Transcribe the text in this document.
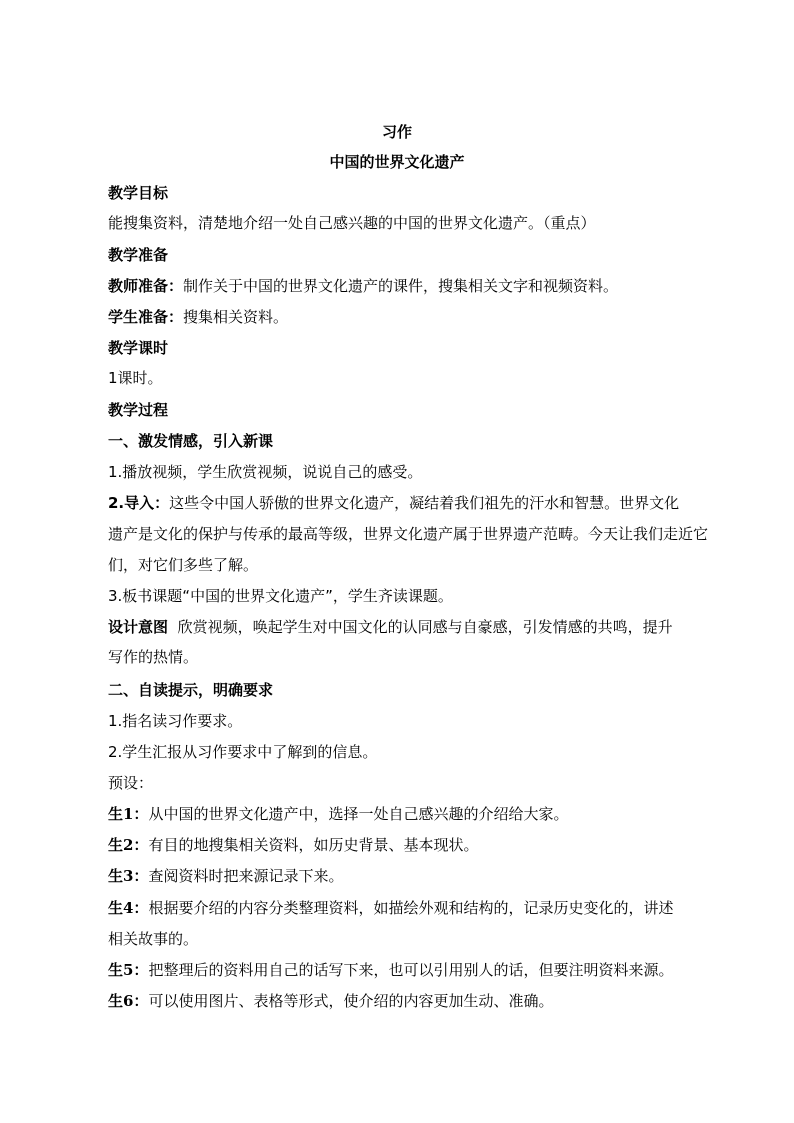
习作
中国的世界文化遗产
教学目标
能搜集资料，清楚地介绍一处自己感兴趣的中国的世界文化遗产。（重点）
教学准备
教师准备：制作关于中国的世界文化遗产的课件，搜集相关文字和视频资料。
学生准备：搜集相关资料。
教学课时
1课时。
教学过程
一、激发情感，引入新课
1.播放视频，学生欣赏视频，说说自己的感受。
2.导入：这些令中国人骄傲的世界文化遗产，凝结着我们祖先的汗水和智慧。世界文化
遗产是文化的保护与传承的最高等级，世界文化遗产属于世界遗产范畴。今天让我们走近它
们，对它们多些了解。
3.板书课题“中国的世界文化遗产”，学生齐读课题。
设计意图 欣赏视频，唤起学生对中国文化的认同感与自豪感，引发情感的共鸣，提升
写作的热情。
二、自读提示，明确要求
1.指名读习作要求。
2.学生汇报从习作要求中了解到的信息。
预设：
生1：从中国的世界文化遗产中，选择一处自己感兴趣的介绍给大家。
生2：有目的地搜集相关资料，如历史背景、基本现状。
生3：查阅资料时把来源记录下来。
生4：根据要介绍的内容分类整理资料，如描绘外观和结构的，记录历史变化的，讲述
相关故事的。
生5：把整理后的资料用自己的话写下来，也可以引用别人的话，但要注明资料来源。
生6：可以使用图片、表格等形式，使介绍的内容更加生动、准确。
